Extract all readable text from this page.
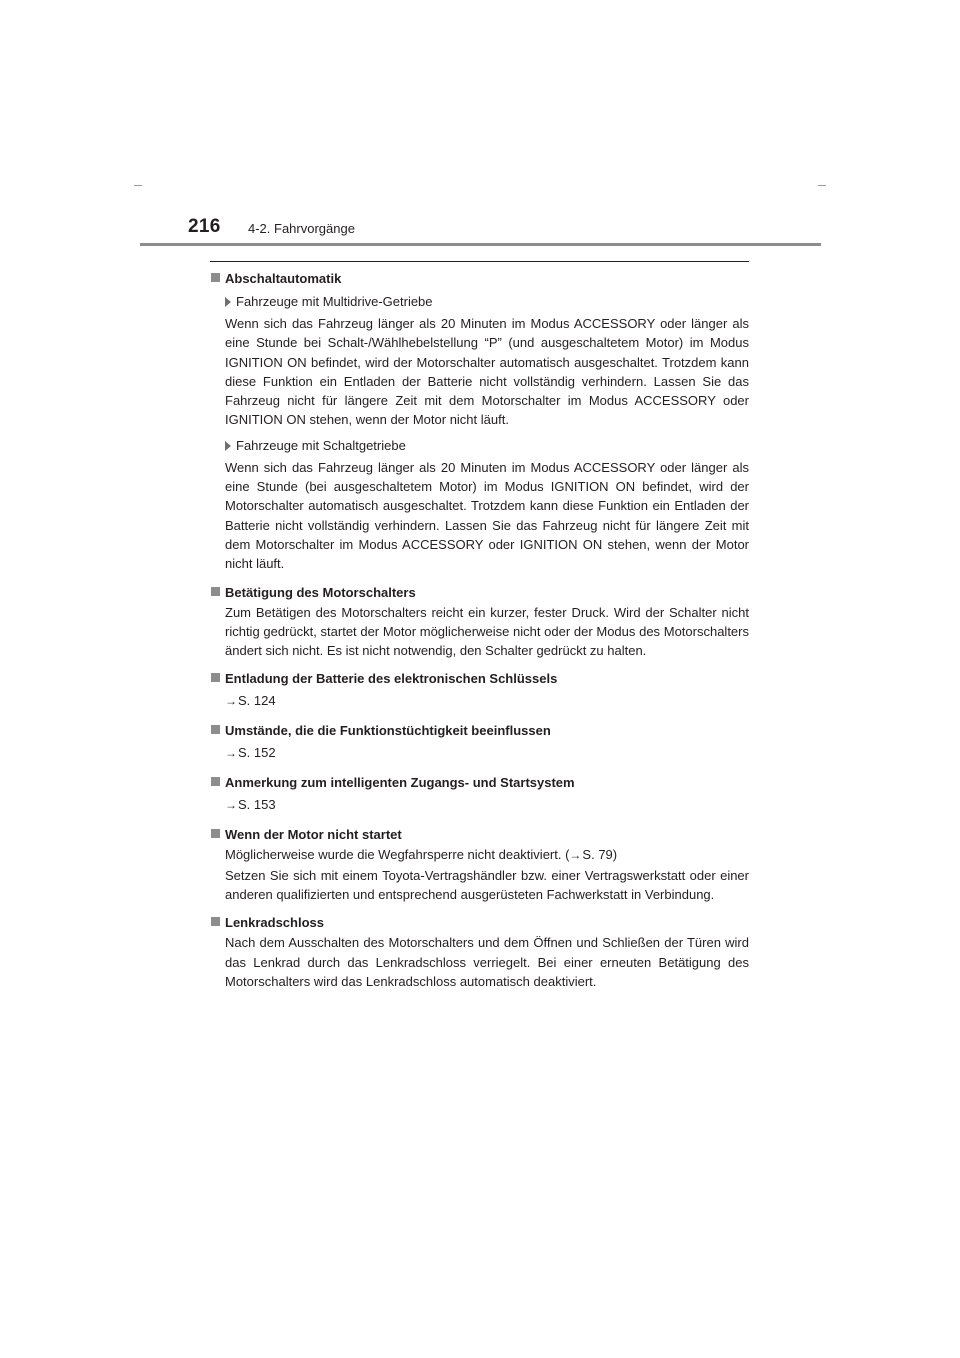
216 4-2. Fahrvorgänge
Abschaltautomatik
Fahrzeuge mit Multidrive-Getriebe
Wenn sich das Fahrzeug länger als 20 Minuten im Modus ACCESSORY oder länger als eine Stunde bei Schalt-/Wählhebelstellung “P” (und ausgeschaltetem Motor) im Modus IGNITION ON befindet, wird der Motorschalter automatisch ausgeschaltet. Trotzdem kann diese Funktion ein Entladen der Batterie nicht vollständig verhindern. Lassen Sie das Fahrzeug nicht für längere Zeit mit dem Motorschalter im Modus ACCESSORY oder IGNITION ON stehen, wenn der Motor nicht läuft.
Fahrzeuge mit Schaltgetriebe
Wenn sich das Fahrzeug länger als 20 Minuten im Modus ACCESSORY oder länger als eine Stunde (bei ausgeschaltetem Motor) im Modus IGNITION ON befindet, wird der Motorschalter automatisch ausgeschaltet. Trotzdem kann diese Funktion ein Entladen der Batterie nicht vollständig verhindern. Lassen Sie das Fahrzeug nicht für längere Zeit mit dem Motorschalter im Modus ACCESSORY oder IGNITION ON stehen, wenn der Motor nicht läuft.
Betätigung des Motorschalters
Zum Betätigen des Motorschalters reicht ein kurzer, fester Druck. Wird der Schalter nicht richtig gedrückt, startet der Motor möglicherweise nicht oder der Modus des Motorschalters ändert sich nicht. Es ist nicht notwendig, den Schalter gedrückt zu halten.
Entladung der Batterie des elektronischen Schlüssels
→S. 124
Umstände, die die Funktionstüchtigkeit beeinflussen
→S. 152
Anmerkung zum intelligenten Zugangs- und Startsystem
→S. 153
Wenn der Motor nicht startet
Möglicherweise wurde die Wegfahrsperre nicht deaktiviert. (→S. 79)
Setzen Sie sich mit einem Toyota-Vertragshändler bzw. einer Vertragswerkstatt oder einer anderen qualifizierten und entsprechend ausgerüsteten Fachwerkstatt in Verbindung.
Lenkradschloss
Nach dem Ausschalten des Motorschalters und dem Öffnen und Schließen der Türen wird das Lenkrad durch das Lenkradschloss verriegelt. Bei einer erneuten Betätigung des Motorschalters wird das Lenkradschloss automatisch deaktiviert.
